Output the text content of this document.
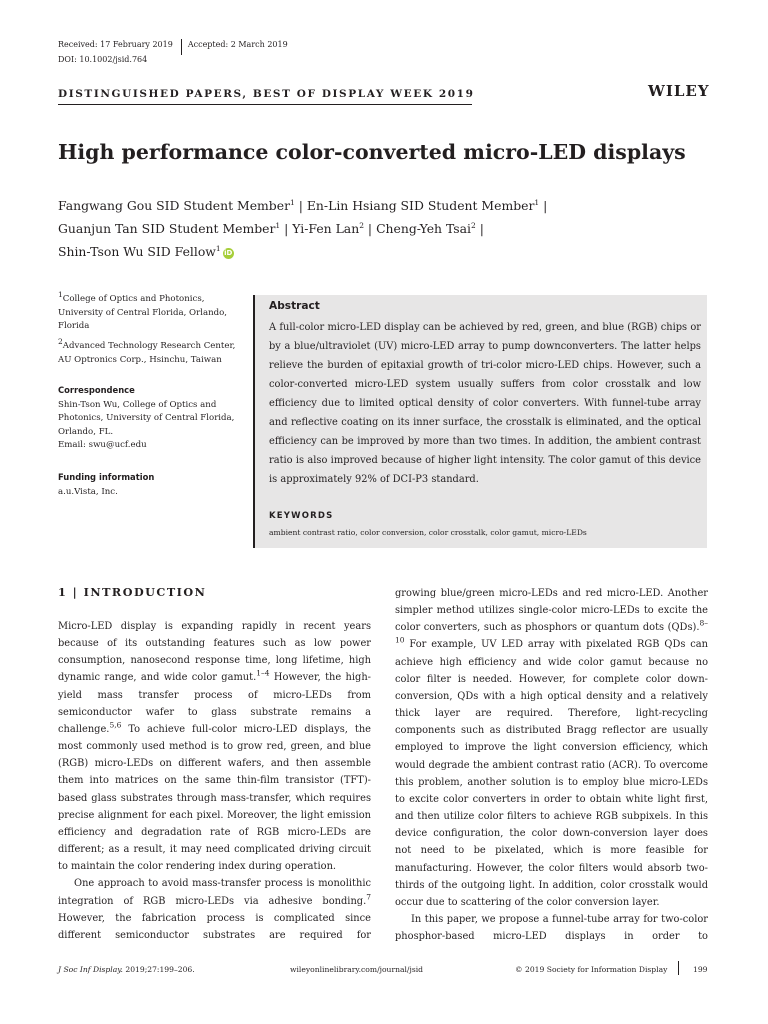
Received: 17 February 2019 Accepted: 2 March 2019
DOI: 10.1002/jsid.764
DISTINGUISHED PAPERS, BEST OF DISPLAY WEEK 2019	WILEY
High performance color-converted micro-LED displays
Fangwang Gou SID Student Member$^1$ | En-Lin Hsiang SID Student Member$^1$ |
Guanjun Tan SID Student Member$^1$ | Yi-Fen Lan$^2$ | Cheng-Yeh Tsai$^2$ |
Shin-Tson Wu SID Fellow$^1$iD
$^1$College of Optics and Photonics,
University of Central Florida, Orlando,
Florida
$^2$Advanced Technology Research Center,
AU Optronics Corp., Hsinchu, Taiwan
Correspondence
Shin-Tson Wu, College of Optics and
Photonics, University of Central Florida,
Orlando, FL.
Email: swu@ucf.edu
Funding information
a.u.Vista, Inc.
Abstract
A full-color micro-LED display can be achieved by red, green, and blue (RGB) chips or by a blue/ultraviolet (UV) micro-LED array to pump downconverters. The latter helps relieve the burden of epitaxial growth of tri-color micro-LED chips. However, such a color-converted micro-LED system usually suffers from color crosstalk and low efficiency due to limited optical density of color converters. With funnel-tube array and reflective coating on its inner surface, the crosstalk is eliminated, and the optical efficiency can be improved by more than two times. In addition, the ambient contrast ratio is also improved because of higher light intensity. The color gamut of this device is approximately 92% of DCI-P3 standard.
KEYWORDS
ambient contrast ratio, color conversion, color crosstalk, color gamut, micro-LEDs
1 | INTRODUCTION

Micro-LED display is expanding rapidly in recent years because of its outstanding features such as low power consumption, nanosecond response time, long lifetime, high dynamic range, and wide color gamut.$^{1-4}$ However, the high-yield mass transfer process of micro-LEDs from semiconductor wafer to glass substrate remains a challenge.$^{5,6}$ To achieve full-color micro-LED displays, the most commonly used method is to grow red, green, and blue (RGB) micro-LEDs on different wafers, and then assemble them into matrices on the same thin-film transistor (TFT)-based glass substrates through mass-transfer, which requires precise alignment for each pixel. Moreover, the light emission efficiency and degradation rate of RGB micro-LEDs are different; as a result, it may need complicated driving circuit to maintain the color rendering index during operation.

One approach to avoid mass-transfer process is monolithic integration of RGB micro-LEDs via adhesive bonding.$^7$ However, the fabrication process is complicated since different semiconductor substrates are required for

growing blue/green micro-LEDs and red micro-LED. Another simpler method utilizes single-color micro-LEDs to excite the color converters, such as phosphors or quantum dots (QDs).$^{8-10}$ For example, UV LED array with pixelated RGB QDs can achieve high efficiency and wide color gamut because no color filter is needed. However, for complete color down-conversion, QDs with a high optical density and a relatively thick layer are required. Therefore, light-recycling components such as distributed Bragg reflector are usually employed to improve the light conversion efficiency, which would degrade the ambient contrast ratio (ACR). To overcome this problem, another solution is to employ blue micro-LEDs to excite color converters in order to obtain white light first, and then utilize color filters to achieve RGB subpixels. In this device configuration, the color down-conversion layer does not need to be pixelated, which is more feasible for manufacturing. However, the color filters would absorb two-thirds of the outgoing light. In addition, color crosstalk would occur due to scattering of the color conversion layer.

In this paper, we propose a funnel-tube array for two-color phosphor-based micro-LED displays in order to

J Soc Inf Display. 2019;27:199–206.	wileyonlinelibrary.com/journal/jsid	© 2019 Society for Information Display	199
